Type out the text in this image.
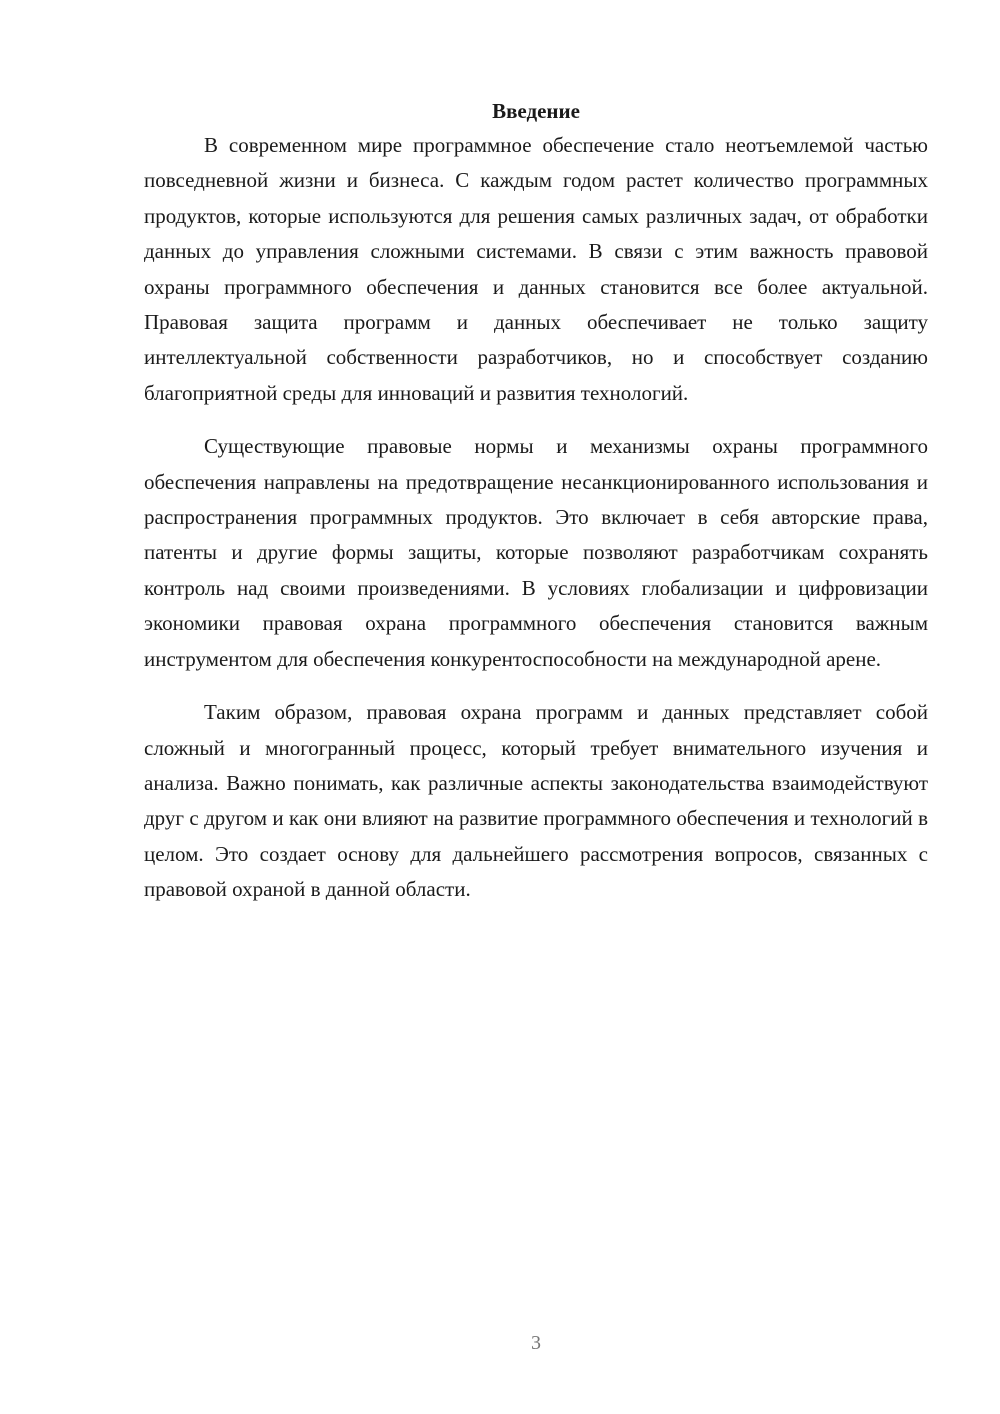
Введение

В современном мире программное обеспечение стало неотъемлемой частью повседневной жизни и бизнеса. С каждым годом растет количество программных продуктов, которые используются для решения самых различных задач, от обработки данных до управления сложными системами. В связи с этим важность правовой охраны программного обеспечения и данных становится все более актуальной. Правовая защита программ и данных обеспечивает не только защиту интеллектуальной собственности разработчиков, но и способствует созданию благоприятной среды для инноваций и развития технологий.

Существующие правовые нормы и механизмы охраны программного обеспечения направлены на предотвращение несанкционированного использования и распространения программных продуктов. Это включает в себя авторские права, патенты и другие формы защиты, которые позволяют разработчикам сохранять контроль над своими произведениями. В условиях глобализации и цифровизации экономики правовая охрана программного обеспечения становится важным инструментом для обеспечения конкурентоспособности на международной арене.

Таким образом, правовая охрана программ и данных представляет собой сложный и многогранный процесс, который требует внимательного изучения и анализа. Важно понимать, как различные аспекты законодательства взаимодействуют друг с другом и как они влияют на развитие программного обеспечения и технологий в целом. Это создает основу для дальнейшего рассмотрения вопросов, связанных с правовой охраной в данной области.

3
